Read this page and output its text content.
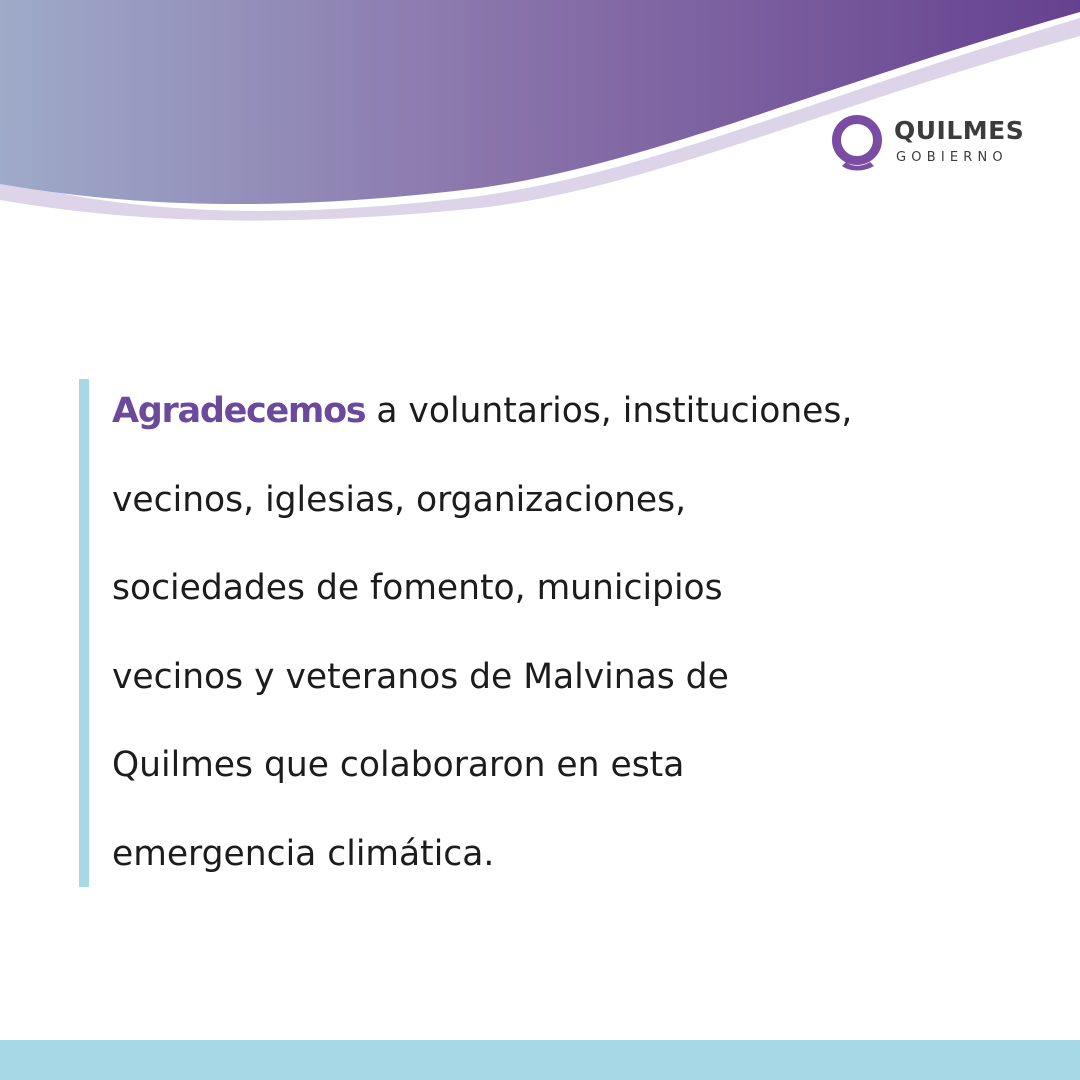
QUILMES
GOBIERNO

Agradecemos a voluntarios, instituciones,
vecinos, iglesias, organizaciones,
sociedades de fomento, municipios
vecinos y veteranos de Malvinas de
Quilmes que colaboraron en esta
emergencia climática.
